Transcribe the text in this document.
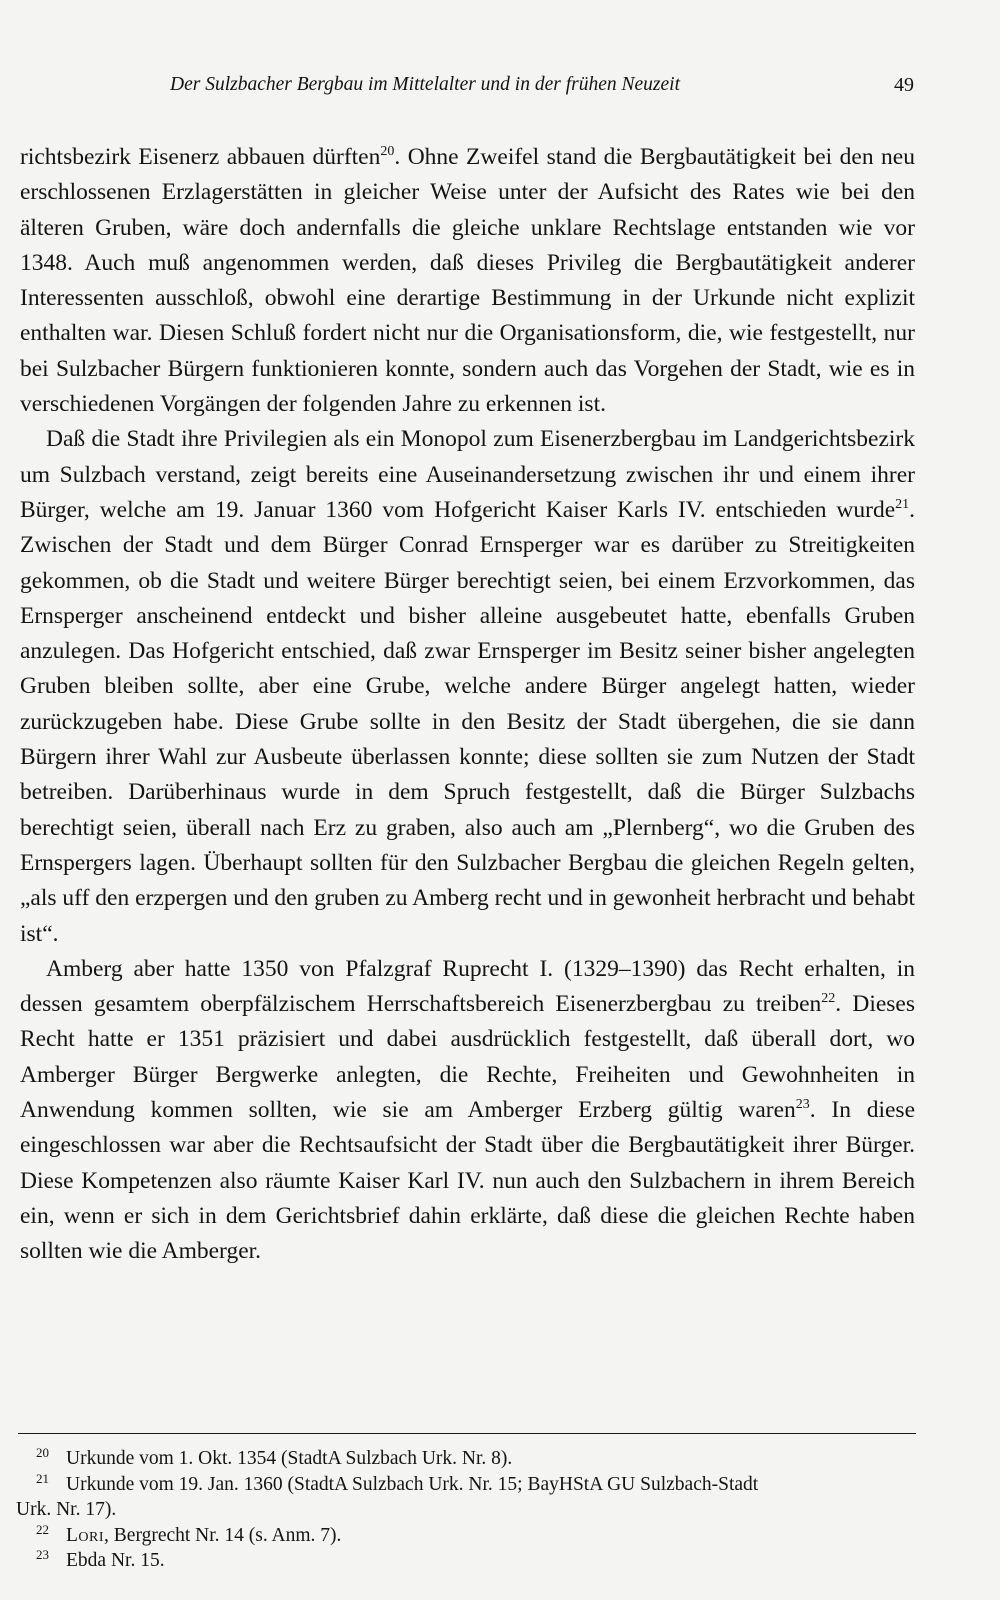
Der Sulzbacher Bergbau im Mittelalter und in der frühen Neuzeit	49

richtsbezirk Eisenerz abbauen dürften$^{20}$. Ohne Zweifel stand die Bergbautätigkeit bei den neu erschlossenen Erzlagerstätten in gleicher Weise unter der Aufsicht des Rates wie bei den älteren Gruben, wäre doch andernfalls die gleiche unklare Rechtslage entstanden wie vor 1348. Auch muß angenommen werden, daß dieses Privileg die Bergbautätigkeit anderer Interessenten ausschloß, obwohl eine derartige Bestimmung in der Urkunde nicht explizit enthalten war. Diesen Schluß fordert nicht nur die Organisationsform, die, wie festgestellt, nur bei Sulzbacher Bürgern funktionieren konnte, sondern auch das Vorgehen der Stadt, wie es in verschiedenen Vorgängen der folgenden Jahre zu erkennen ist.

Daß die Stadt ihre Privilegien als ein Monopol zum Eisenerzbergbau im Landgerichtsbezirk um Sulzbach verstand, zeigt bereits eine Auseinandersetzung zwischen ihr und einem ihrer Bürger, welche am 19. Januar 1360 vom Hofgericht Kaiser Karls IV. entschieden wurde$^{21}$. Zwischen der Stadt und dem Bürger Conrad Ernsperger war es darüber zu Streitigkeiten gekommen, ob die Stadt und weitere Bürger berechtigt seien, bei einem Erzvorkommen, das Ernsperger anscheinend entdeckt und bisher alleine ausgebeutet hatte, ebenfalls Gruben anzulegen. Das Hofgericht entschied, daß zwar Ernsperger im Besitz seiner bisher angelegten Gruben bleiben sollte, aber eine Grube, welche andere Bürger angelegt hatten, wieder zurückzugeben habe. Diese Grube sollte in den Besitz der Stadt übergehen, die sie dann Bürgern ihrer Wahl zur Ausbeute überlassen konnte; diese sollten sie zum Nutzen der Stadt betreiben. Darüberhinaus wurde in dem Spruch festgestellt, daß die Bürger Sulzbachs berechtigt seien, überall nach Erz zu graben, also auch am „Plernberg“, wo die Gruben des Ernspergers lagen. Überhaupt sollten für den Sulzbacher Bergbau die gleichen Regeln gelten, „als uff den erzpergen und den gruben zu Amberg recht und in gewonheit herbracht und behabt ist“.

Amberg aber hatte 1350 von Pfalzgraf Ruprecht I. (1329–1390) das Recht erhalten, in dessen gesamtem oberpfälzischem Herrschaftsbereich Eisenerzbergbau zu treiben$^{22}$. Dieses Recht hatte er 1351 präzisiert und dabei ausdrücklich festgestellt, daß überall dort, wo Amberger Bürger Bergwerke anlegten, die Rechte, Freiheiten und Gewohnheiten in Anwendung kommen sollten, wie sie am Amberger Erzberg gültig waren$^{23}$. In diese eingeschlossen war aber die Rechtsaufsicht der Stadt über die Bergbautätigkeit ihrer Bürger. Diese Kompetenzen also räumte Kaiser Karl IV. nun auch den Sulzbachern in ihrem Bereich ein, wenn er sich in dem Gerichtsbrief dahin erklärte, daß diese die gleichen Rechte haben sollten wie die Amberger.

20 Urkunde vom 1. Okt. 1354 (StadtA Sulzbach Urk. Nr. 8).
21 Urkunde vom 19. Jan. 1360 (StadtA Sulzbach Urk. Nr. 15; BayHStA GU Sulzbach-Stadt
Urk. Nr. 17).
22 Lori, Bergrecht Nr. 14 (s. Anm. 7).
23 Ebda Nr. 15.
